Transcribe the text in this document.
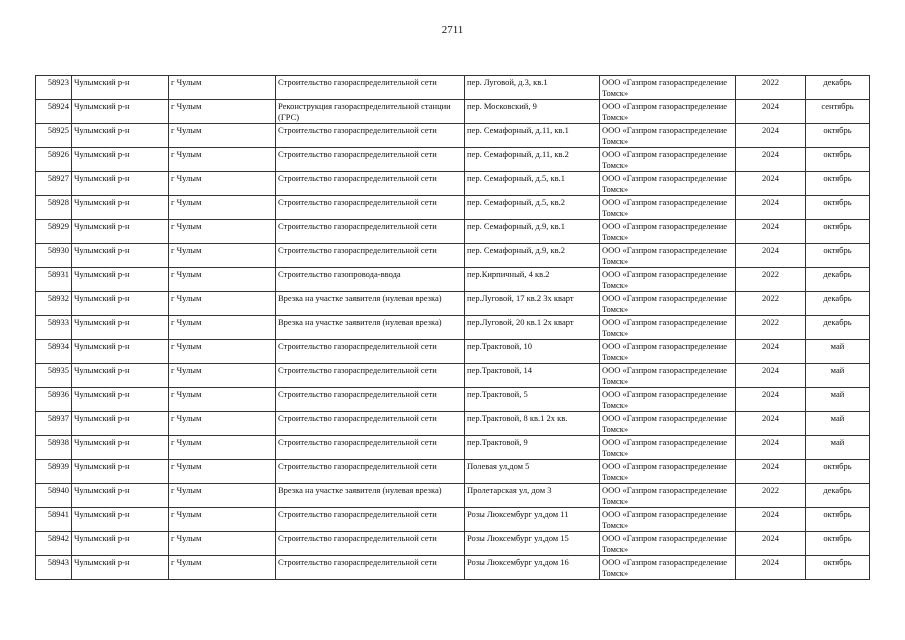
2711
58923	Чулымский р-н	г Чулым	Строительство газораспределительной сети	пер. Луговой, д.3, кв.1	ООО «Газпром газораспределение Томск»	2022	декабрь
58924	Чулымский р-н	г Чулым	Реконструкция газораспределительной станции (ГРС)	пер. Московский, 9	ООО «Газпром газораспределение Томск»	2024	сентябрь
58925	Чулымский р-н	г Чулым	Строительство газораспределительной сети	пер. Семафорный, д.11, кв.1	ООО «Газпром газораспределение Томск»	2024	октябрь
58926	Чулымский р-н	г Чулым	Строительство газораспределительной сети	пер. Семафорный, д.11, кв.2	ООО «Газпром газораспределение Томск»	2024	октябрь
58927	Чулымский р-н	г Чулым	Строительство газораспределительной сети	пер. Семафорный, д.5, кв.1	ООО «Газпром газораспределение Томск»	2024	октябрь
58928	Чулымский р-н	г Чулым	Строительство газораспределительной сети	пер. Семафорный, д.5, кв.2	ООО «Газпром газораспределение Томск»	2024	октябрь
58929	Чулымский р-н	г Чулым	Строительство газораспределительной сети	пер. Семафорный, д.9, кв.1	ООО «Газпром газораспределение Томск»	2024	октябрь
58930	Чулымский р-н	г Чулым	Строительство газораспределительной сети	пер. Семафорный, д.9, кв.2	ООО «Газпром газораспределение Томск»	2024	октябрь
58931	Чулымский р-н	г Чулым	Строительство газопровода-ввода	пер.Кирпичный, 4 кв.2	ООО «Газпром газораспределение Томск»	2022	декабрь
58932	Чулымский р-н	г Чулым	Врезка на участке заявителя (нулевая врезка)	пер.Луговой, 17 кв.2 3х кварт	ООО «Газпром газораспределение Томск»	2022	декабрь
58933	Чулымский р-н	г Чулым	Врезка на участке заявителя (нулевая врезка)	пер.Луговой, 20 кв.1 2х кварт	ООО «Газпром газораспределение Томск»	2022	декабрь
58934	Чулымский р-н	г Чулым	Строительство газораспределительной сети	пер.Трактовой, 10	ООО «Газпром газораспределение Томск»	2024	май
58935	Чулымский р-н	г Чулым	Строительство газораспределительной сети	пер.Трактовой, 14	ООО «Газпром газораспределение Томск»	2024	май
58936	Чулымский р-н	г Чулым	Строительство газораспределительной сети	пер.Трактовой, 5	ООО «Газпром газораспределение Томск»	2024	май
58937	Чулымский р-н	г Чулым	Строительство газораспределительной сети	пер.Трактовой, 8 кв.1 2х кв.	ООО «Газпром газораспределение Томск»	2024	май
58938	Чулымский р-н	г Чулым	Строительство газораспределительной сети	пер.Трактовой, 9	ООО «Газпром газораспределение Томск»	2024	май
58939	Чулымский р-н	г Чулым	Строительство газораспределительной сети	Полевая ул,дом 5	ООО «Газпром газораспределение Томск»	2024	октябрь
58940	Чулымский р-н	г Чулым	Врезка на участке заявителя (нулевая врезка)	Пролетарская ул, дом 3	ООО «Газпром газораспределение Томск»	2022	декабрь
58941	Чулымский р-н	г Чулым	Строительство газораспределительной сети	Розы Люксембург ул,дом 11	ООО «Газпром газораспределение Томск»	2024	октябрь
58942	Чулымский р-н	г Чулым	Строительство газораспределительной сети	Розы Люксембург ул,дом 15	ООО «Газпром газораспределение Томск»	2024	октябрь
58943	Чулымский р-н	г Чулым	Строительство газораспределительной сети	Розы Люксембург ул,дом 16	ООО «Газпром газораспределение Томск»	2024	октябрь
